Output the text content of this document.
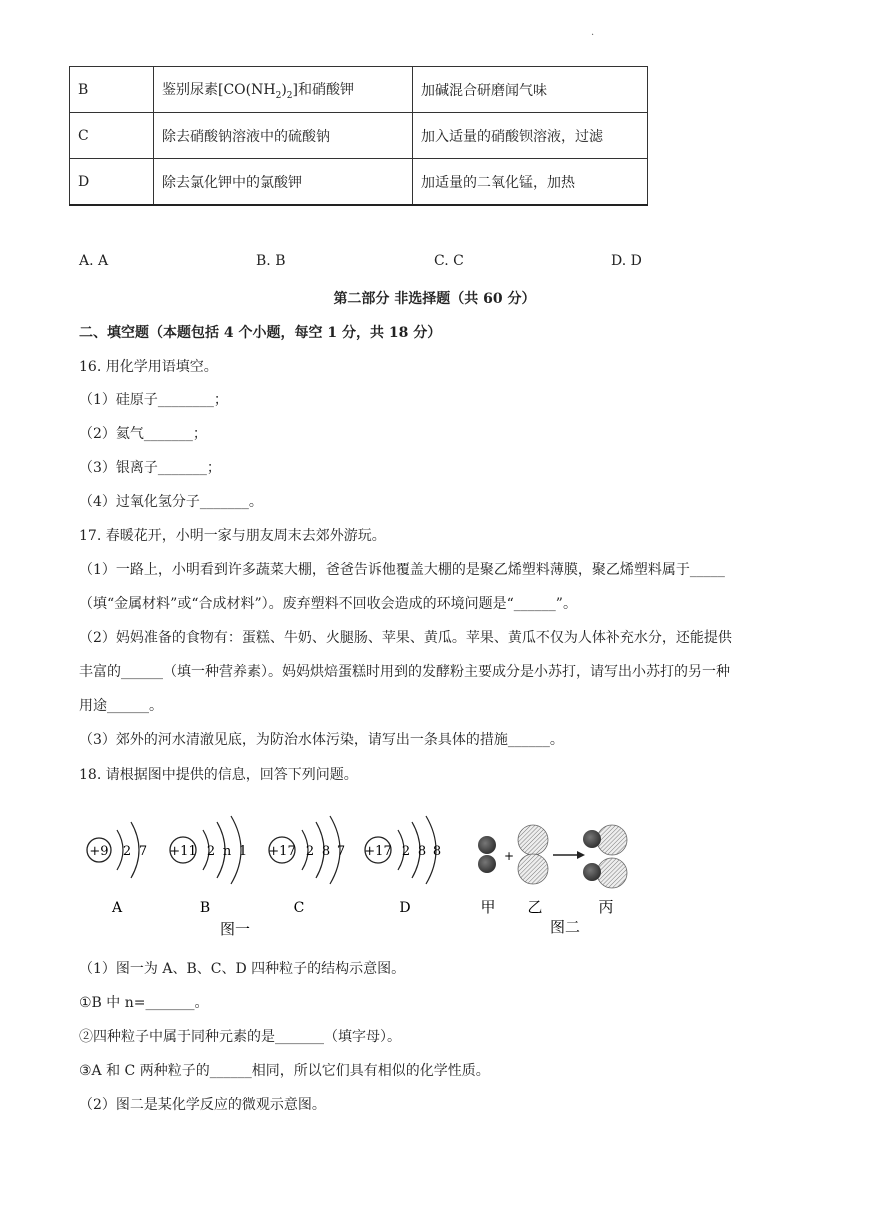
·
B	鉴别尿素$[CO(NH_2)_2]$和硝酸钾	加碱混合研磨闻气味
C	除去硝酸钠溶液中的硫酸钠	加入适量的硝酸钡溶液，过滤
D	除去氯化钾中的氯酸钾	加适量的二氧化锰，加热
A. A	B. B	C. C	D. D
第二部分 非选择题（共 60 分）
二、填空题（本题包括 4 个小题，每空 1 分，共 18 分）
16. 用化学用语填空。
（1）硅原子________；
（2）氦气_______；
（3）银离子_______；
（4）过氧化氢分子_______。
17. 春暖花开，小明一家与朋友周末去郊外游玩。
（1）一路上，小明看到许多蔬菜大棚，爸爸告诉他覆盖大棚的是聚乙烯塑料薄膜，聚乙烯塑料属于_____
（填“金属材料”或“合成材料”）。废弃塑料不回收会造成的环境问题是“______”。
（2）妈妈准备的食物有：蛋糕、牛奶、火腿肠、苹果、黄瓜。苹果、黄瓜不仅为人体补充水分，还能提供
丰富的______（填一种营养素）。妈妈烘焙蛋糕时用到的发酵粉主要成分是小苏打，请写出小苏打的另一种
用途______。
（3）郊外的河水清澈见底，为防治水体污染，请写出一条具体的措施______。
18. 请根据图中提供的信息，回答下列问题。
+9 2 7
A
+11 2 n 1
B
+17 2 8 7
C
+17 2 8 8
D
图一
+
甲 乙	丙
图二
（1）图一为 A、B、C、D 四种粒子的结构示意图。
①B 中 n=_______。
②四种粒子中属于同种元素的是_______（填字母）。
③A 和 C 两种粒子的______相同，所以它们具有相似的化学性质。
（2）图二是某化学反应的微观示意图。
